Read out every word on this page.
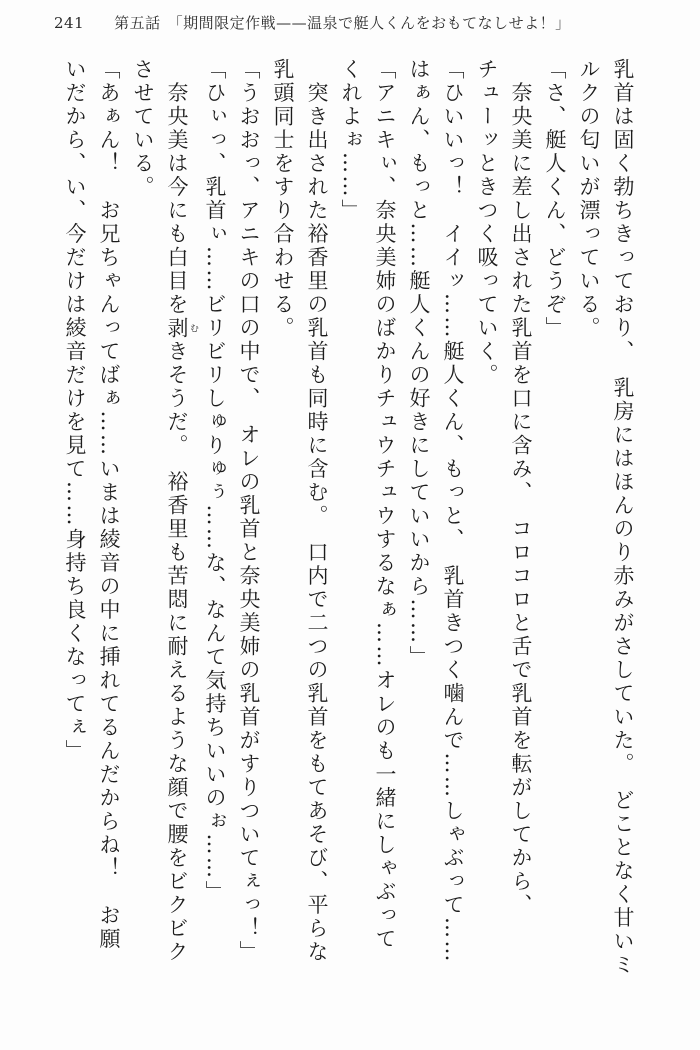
241 第五話 「期間限定作戦——温泉で艇人くんをおもてなしせよ！」
乳首は固く勃ちきっており、　乳房にはほんのり赤みがさしていた。　どことなく甘いミ
ルクの匂いが漂っている。
「さ、艇人くん、どうぞ」
　奈央美に差し出された乳首を口に含み、　コロコロと舌で乳首を転がしてから、
チューッときつく吸っていく。
「ひいいっ！　イイッ……艇人くん、もっと、　乳首きつく噛んで……しゃぶって……
はぁん、もっと……艇人くんの好きにしていいから……」
「アニキぃ、奈央美姉のばかりチュウチュウするなぁ……オレのも一緒にしゃぶって
くれよぉ……」
　突き出された裕香里の乳首も同時に含む。　口内で二つの乳首をもてあそび、平らな
乳頭同士をすり合わせる。
「うおおっ、アニキの口の中で、　オレの乳首と奈央美姉の乳首がすりついてぇっ！」
「ひぃっ、乳首ぃ……ビリビリしゅりゅぅ……な、なんて気持ちいいのぉ……」
　奈央美は今にも白目を剥 むきそうだ。　裕香里も苦悶に耐えるような顔で腰をビクビク
させている。
「あぁん！　お兄ちゃんってばぁ……いまは綾音の中に挿れてるんだからね！　お願
いだから、い、今だけは綾音だけを見て……身持ち良くなってぇ」
